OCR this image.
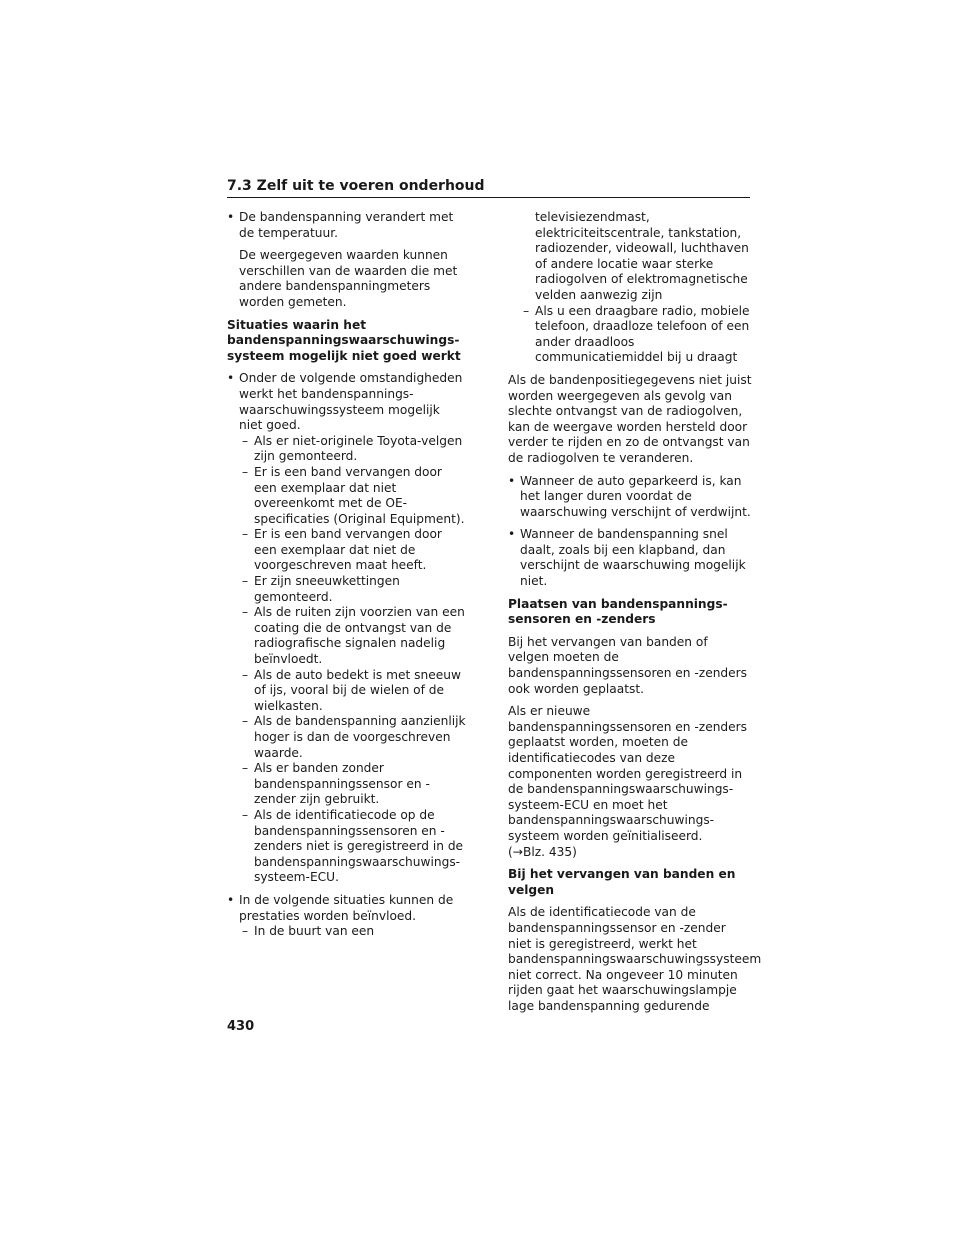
7.3 Zelf uit te voeren onderhoud

• De bandenspanning verandert met de temperatuur.

De weergegeven waarden kunnen verschillen van de waarden die met andere bandenspanningmeters worden gemeten.

Situaties waarin het bandenspanningswaarschuwings-systeem mogelijk niet goed werkt

• Onder de volgende omstandigheden werkt het bandenspannings-waarschuwingssysteem mogelijk niet goed.
– Als er niet-originele Toyota-velgen zijn gemonteerd.
– Er is een band vervangen door een exemplaar dat niet overeenkomt met de OE-specificaties (Original Equipment).
– Er is een band vervangen door een exemplaar dat niet de voorgeschreven maat heeft.
– Er zijn sneeuwkettingen gemonteerd.
– Als de ruiten zijn voorzien van een coating die de ontvangst van de radiografische signalen nadelig beïnvloedt.
– Als de auto bedekt is met sneeuw of ijs, vooral bij de wielen of de wielkasten.
– Als de bandenspanning aanzienlijk hoger is dan de voorgeschreven waarde.
– Als er banden zonder bandenspanningssensor en -zender zijn gebruikt.
– Als de identificatiecode op de bandenspanningssensoren en -zenders niet is geregistreerd in de bandenspanningswaarschuwings-systeem-ECU.
• In de volgende situaties kunnen de prestaties worden beïnvloed.
– In de buurt van een

televisiezendmast, elektriciteitscentrale, tankstation, radiozender, videowall, luchthaven of andere locatie waar sterke radiogolven of elektromagnetische velden aanwezig zijn

– Als u een draagbare radio, mobiele telefoon, draadloze telefoon of een ander draadloos communicatiemiddel bij u draagt

Als de bandenpositiegegevens niet juist worden weergegeven als gevolg van slechte ontvangst van de radiogolven, kan de weergave worden hersteld door verder te rijden en zo de ontvangst van de radiogolven te veranderen.

• Wanneer de auto geparkeerd is, kan het langer duren voordat de waarschuwing verschijnt of verdwijnt.
• Wanneer de bandenspanning snel daalt, zoals bij een klapband, dan verschijnt de waarschuwing mogelijk niet.

Plaatsen van bandenspannings-sensoren en -zenders

Bij het vervangen van banden of velgen moeten de bandenspanningssensoren en -zenders ook worden geplaatst.

Als er nieuwe bandenspanningssensoren en -zenders geplaatst worden, moeten de identificatiecodes van deze componenten worden geregistreerd in de bandenspanningswaarschuwings-systeem-ECU en moet het bandenspanningswaarschuwings-systeem worden geïnitialiseerd.

(→Blz. 435)

Bij het vervangen van banden en velgen

Als de identificatiecode van de bandenspanningssensor en -zender niet is geregistreerd, werkt het bandenspanningswaarschuwingssysteem niet correct. Na ongeveer 10 minuten rijden gaat het waarschuwingslampje lage bandenspanning gedurende

430
